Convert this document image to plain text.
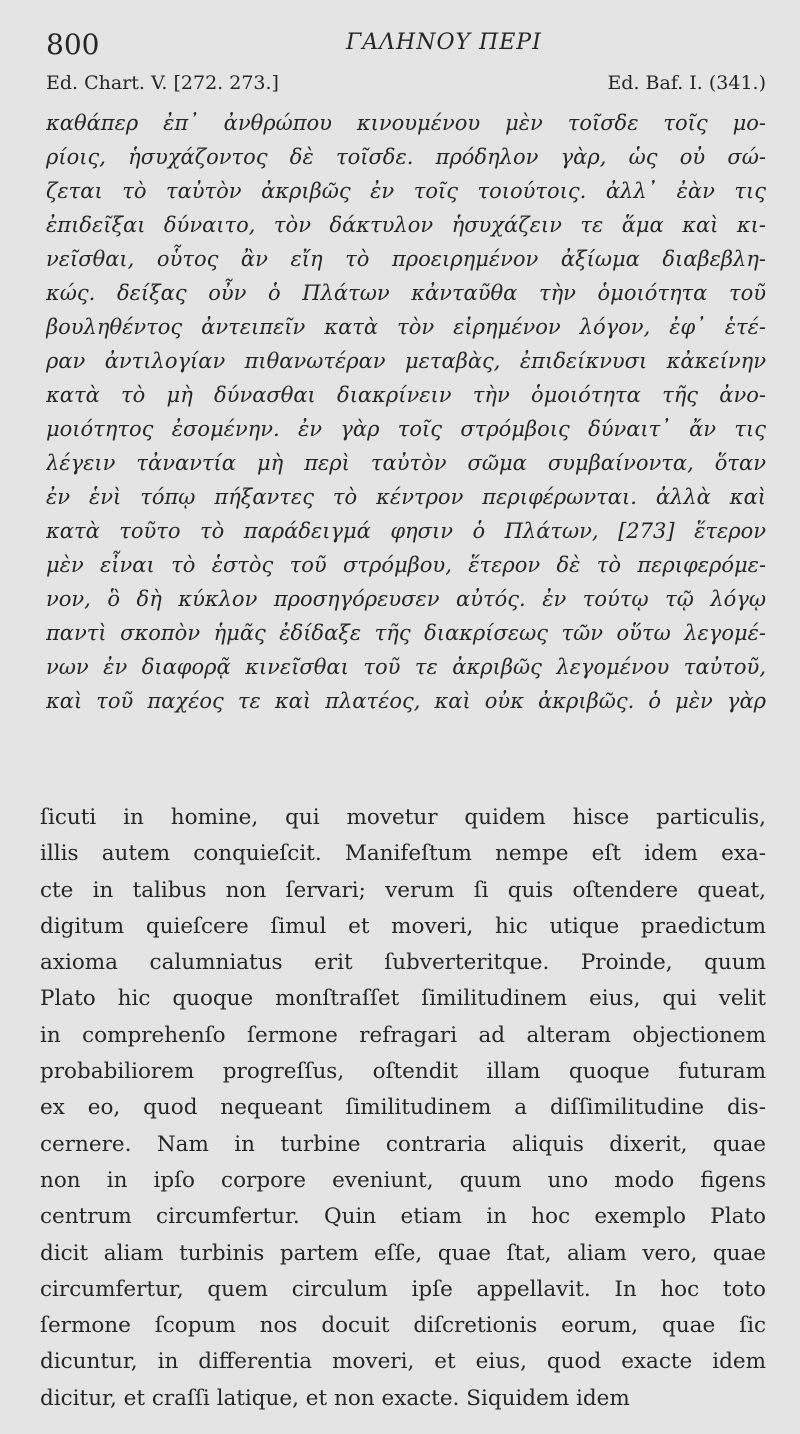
800	ΓΑΛΗΝΟΥ ΠΕΡΙ
Ed. Chart. V. [272. 273.]	Ed. Baf. I. (341.)
καθάπερ ἐπ᾽ ἀνθρώπου κινουμένου μὲν τοῖσδε τοῖς μο-
ρίοις, ἡσυχάζοντος δὲ τοῖσδε. πρόδηλον γὰρ, ὡς οὐ σώ-
ζεται τὸ ταὐτὸν ἀκριβῶς ἐν τοῖς τοιούτοις. ἀλλ᾽ ἐὰν τις
ἐπιδεῖξαι δύναιτο, τὸν δάκτυλον ἡσυχάζειν τε ἅμα καὶ κι-
νεῖσθαι, οὗτος ἂν εἴη τὸ προειρημένον ἀξίωμα διαβεβλη-
κώς. δείξας οὖν ὁ Πλάτων κἀνταῦθα τὴν ὁμοιότητα τοῦ
βουληθέντος ἀντειπεῖν κατὰ τὸν εἰρημένον λόγον, ἐφ᾽ ἑτέ-
ραν ἀντιλογίαν πιθανωτέραν μεταβὰς, ἐπιδείκνυσι κἀκείνην
κατὰ τὸ μὴ δύνασθαι διακρίνειν τὴν ὁμοιότητα τῆς ἀνο-
μοιότητος ἐσομένην. ἐν γὰρ τοῖς στρόμβοις δύναιτ᾽ ἄν τις
λέγειν τἀναντία μὴ περὶ ταὐτὸν σῶμα συμβαίνοντα, ὅταν
ἐν ἑνὶ τόπῳ πήξαντες τὸ κέντρον περιφέρωνται. ἀλλὰ καὶ
κατὰ τοῦτο τὸ παράδειγμά φησιν ὁ Πλάτων, [273] ἕτερον
μὲν εἶναι τὸ ἑστὸς τοῦ στρόμβου, ἕτερον δὲ τὸ περιφερόμε-
νον, ὃ δὴ κύκλον προσηγόρευσεν αὐτός. ἐν τούτῳ τῷ λόγῳ
παντὶ σκοπὸν ἡμᾶς ἐδίδαξε τῆς διακρίσεως τῶν οὕτω λεγομέ-
νων ἐν διαφορᾷ κινεῖσθαι τοῦ τε ἀκριβῶς λεγομένου ταὐτοῦ,
καὶ τοῦ παχέος τε καὶ πλατέος, καὶ οὐκ ἀκριβῶς. ὁ μὲν γὰρ
ſicuti in homine, qui movetur quidem hisce particulis,
illis autem conquieſcit. Manifeſtum nempe eſt idem exa-
cte in talibus non ſervari; verum ſi quis oſtendere queat,
digitum quieſcere ſimul et moveri, hic utique praedictum
axioma calumniatus erit ſubverteritque. Proinde, quum
Plato hic quoque monſtraſſet ſimilitudinem eius, qui velit
in comprehenſo ſermone refragari ad alteram objectionem
probabiliorem progreſſus, oſtendit illam quoque futuram
ex eo, quod nequeant ſimilitudinem a diſſimilitudine dis-
cernere. Nam in turbine contraria aliquis dixerit, quae
non in ipſo corpore eveniunt, quum uno modo figens
centrum circumfertur. Quin etiam in hoc exemplo Plato
dicit aliam turbinis partem eſſe, quae ſtat, aliam vero, quae
circumfertur, quem circulum ipſe appellavit. In hoc toto
ſermone ſcopum nos docuit diſcretionis eorum, quae ſic
dicuntur, in differentia moveri, et eius, quod exacte idem
dicitur, et craſſi latique, et non exacte. Siquidem idem
